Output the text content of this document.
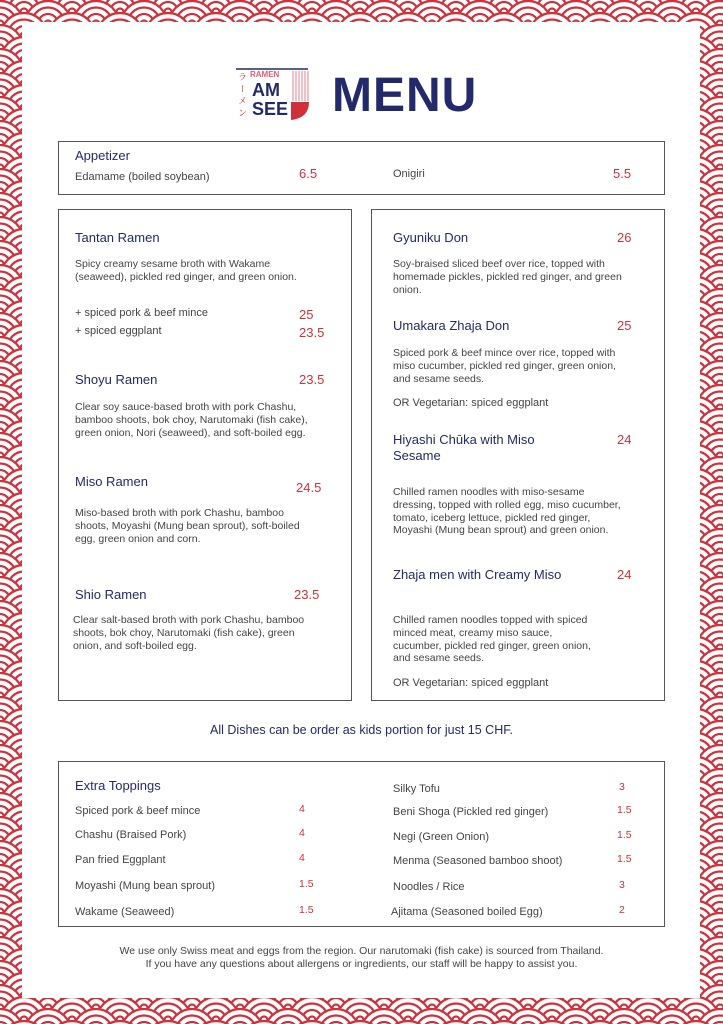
ラーメン RAMEN
AM
SEE MENU
Appetizer
Edamame (boiled soybean)	6.5	Onigiri	5.5
Tantan Ramen
Spicy creamy sesame broth with Wakame (seaweed), pickled red ginger, and green onion.
+ spiced pork & beef mince	25
+ spiced eggplant	23.5
Shoyu Ramen	23.5
Clear soy sauce-based broth with pork Chashu, bamboo shoots, bok choy, Narutomaki (fish cake), green onion, Nori (seaweed), and soft-boiled egg.
Miso Ramen	24.5
Miso-based broth with pork Chashu, bamboo shoots, Moyashi (Mung bean sprout), soft-boiled egg, green onion and corn.
Shio Ramen	23.5
Clear salt-based broth with pork Chashu, bamboo shoots, bok choy, Narutomaki (fish cake), green onion, and soft-boiled egg.
Gyuniku Don	26
Soy-braised sliced beef over rice, topped with homemade pickles, pickled red ginger, and green onion.
Umakara Zhaja Don	25
Spiced pork & beef mince over rice, topped with miso cucumber, pickled red ginger, green onion, and sesame seeds.
OR Vegetarian: spiced eggplant
Hiyashi Chūka with Miso Sesame
24
Chilled ramen noodles with miso-sesame dressing, topped with rolled egg, miso cucumber, tomato, iceberg lettuce, pickled red ginger, Moyashi (Mung bean sprout) and green onion.
Zhaja men with Creamy Miso	24
Chilled ramen noodles topped with spiced minced meat, creamy miso sauce, cucumber, pickled red ginger, green onion, and sesame seeds.
OR Vegetarian: spiced eggplant
All Dishes can be order as kids portion for just 15 CHF.
Extra Toppings
We use only Swiss meat and eggs from the region. Our narutomaki (fish cake) is sourced from Thailand.
If you have any questions about allergens or ingredients, our staff will be happy to assist you.
Spiced pork & beef mince	4
Chashu (Braised Pork)	4
Pan fried Eggplant	4
Moyashi (Mung bean sprout)	1.5
Wakame (Seaweed)	1.5
Silky Tofu	3
Beni Shoga (Pickled red ginger)	1.5
Negi (Green Onion)	1.5
Menma (Seasoned bamboo shoot)	1.5
Noodles / Rice	3
Ajitama (Seasoned boiled Egg)	2
